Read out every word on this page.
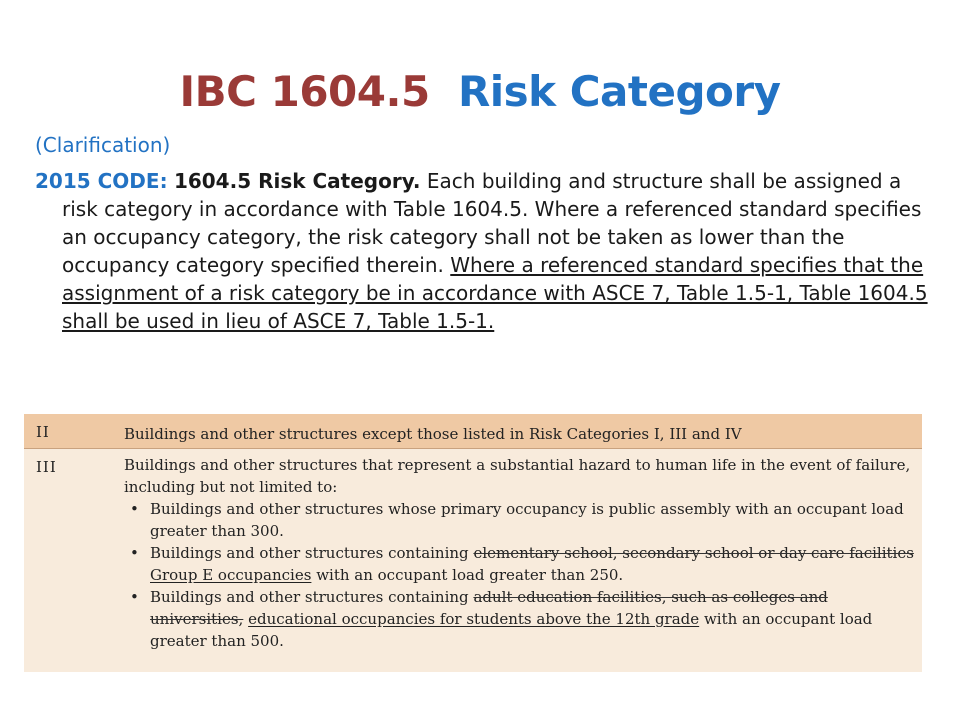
IBC 1604.5 Risk Category
(Clarification)
2015 CODE: 1604.5 Risk Category. Each building and structure shall be assigned a risk category in accordance with Table 1604.5. Where a referenced standard specifies an occupancy category, the risk category shall not be taken as lower than the occupancy category specified therein. Where a referenced standard specifies that the assignment of a risk category be in accordance with ASCE 7, Table 1.5-1, Table 1604.5 shall be used in lieu of ASCE 7, Table 1.5-1.
II	Buildings and other structures except those listed in Risk Categories I, III and IV
III	Buildings and other structures that represent a substantial hazard to human life in the event of failure, including but not limited to:
• Buildings and other structures whose primary occupancy is public assembly with an occupant load greater than 300.
• Buildings and other structures containing elementary school, secondary school or day care facilities Group E occupancies with an occupant load greater than 250.
• Buildings and other structures containing adult education facilities, such as colleges and universities, educational occupancies for students above the 12th grade with an occupant load greater than 500.
